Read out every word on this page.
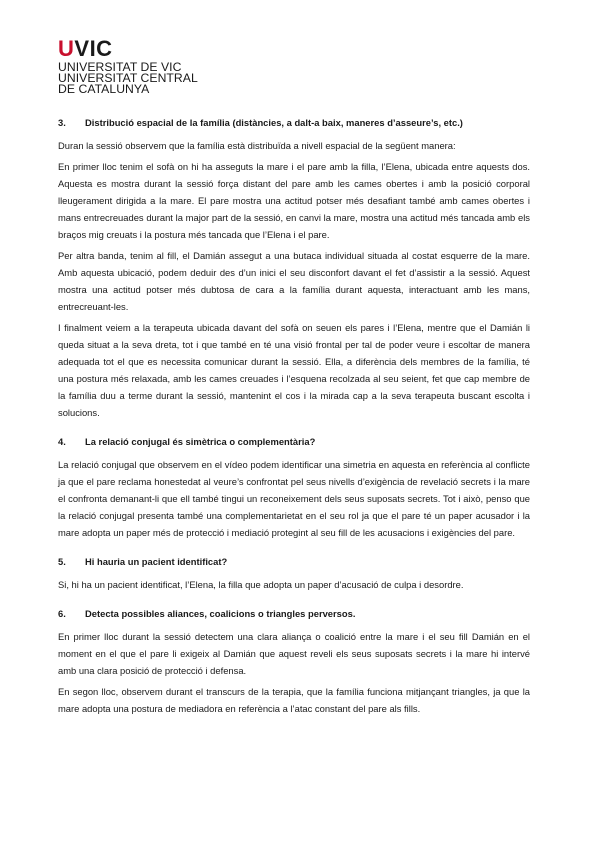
U VIC
UNIVERSITAT DE VIC
UNIVERSITAT CENTRAL
DE CATALUNYA
3.	Distribució espacial de la família (distàncies, a dalt-a baix, maneres d’asseure’s, etc.)

Duran la sessió observem que la família està distribuïda a nivell espacial de la següent manera:

En primer lloc tenim el sofà on hi ha asseguts la mare i el pare amb la filla, l’Elena, ubicada entre aquests dos. Aquesta es mostra durant la sessió força distant del pare amb les cames obertes i amb la posició corporal lleugerament dirigida a la mare. El pare mostra una actitud potser més desafiant també amb cames obertes i mans entrecreuades durant la major part de la sessió, en canvi la mare, mostra una actitud més tancada amb els braços mig creuats i la postura més tancada que l’Elena i el pare.

Per altra banda, tenim al fill, el Damián assegut a una butaca individual situada al costat esquerre de la mare. Amb aquesta ubicació, podem deduir des d’un inici el seu disconfort davant el fet d’assistir a la sessió. Aquest mostra una actitud potser més dubtosa de cara a la família durant aquesta, interactuant amb les mans, entrecreuant-les.

I finalment veiem a la terapeuta ubicada davant del sofà on seuen els pares i l’Elena, mentre que el Damián li queda situat a la seva dreta, tot i que també en té una visió frontal per tal de poder veure i escoltar de manera adequada tot el que es necessita comunicar durant la sessió. Ella, a diferència dels membres de la família, té una postura més relaxada, amb les cames creuades i l’esquena recolzada al seu seient, fet que cap membre de la família duu a terme durant la sessió, mantenint el cos i la mirada cap a la seva terapeuta buscant escolta i solucions.

4.	La relació conjugal és simètrica o complementària?

La relació conjugal que observem en el vídeo podem identificar una simetria en aquesta en referència al conflicte ja que el pare reclama honestedat al veure’s confrontat pel seus nivells d’exigència de revelació secrets i la mare el confronta demanant-li que ell també tingui un reconeixement dels seus suposats secrets. Tot i això, penso que la relació conjugal presenta també una complementarietat en el seu rol ja que el pare té un paper acusador i la mare adopta un paper més de protecció i mediació protegint al seu fill de les acusacions i exigències del pare.

5.	Hi hauria un pacient identificat?

Si, hi ha un pacient identificat, l’Elena, la filla que adopta un paper d’acusació de culpa i desordre.

6.	Detecta possibles aliances, coalicions o triangles perversos.

En primer lloc durant la sessió detectem una clara aliança o coalició entre la mare i el seu fill Damián en el moment en el que el pare li exigeix al Damián que aquest reveli els seus suposats secrets i la mare hi intervé amb una clara posició de protecció i defensa.

En segon lloc, observem durant el transcurs de la terapia, que la família funciona mitjançant triangles, ja que la mare adopta una postura de mediadora en referència a l’atac constant del pare als fills.
